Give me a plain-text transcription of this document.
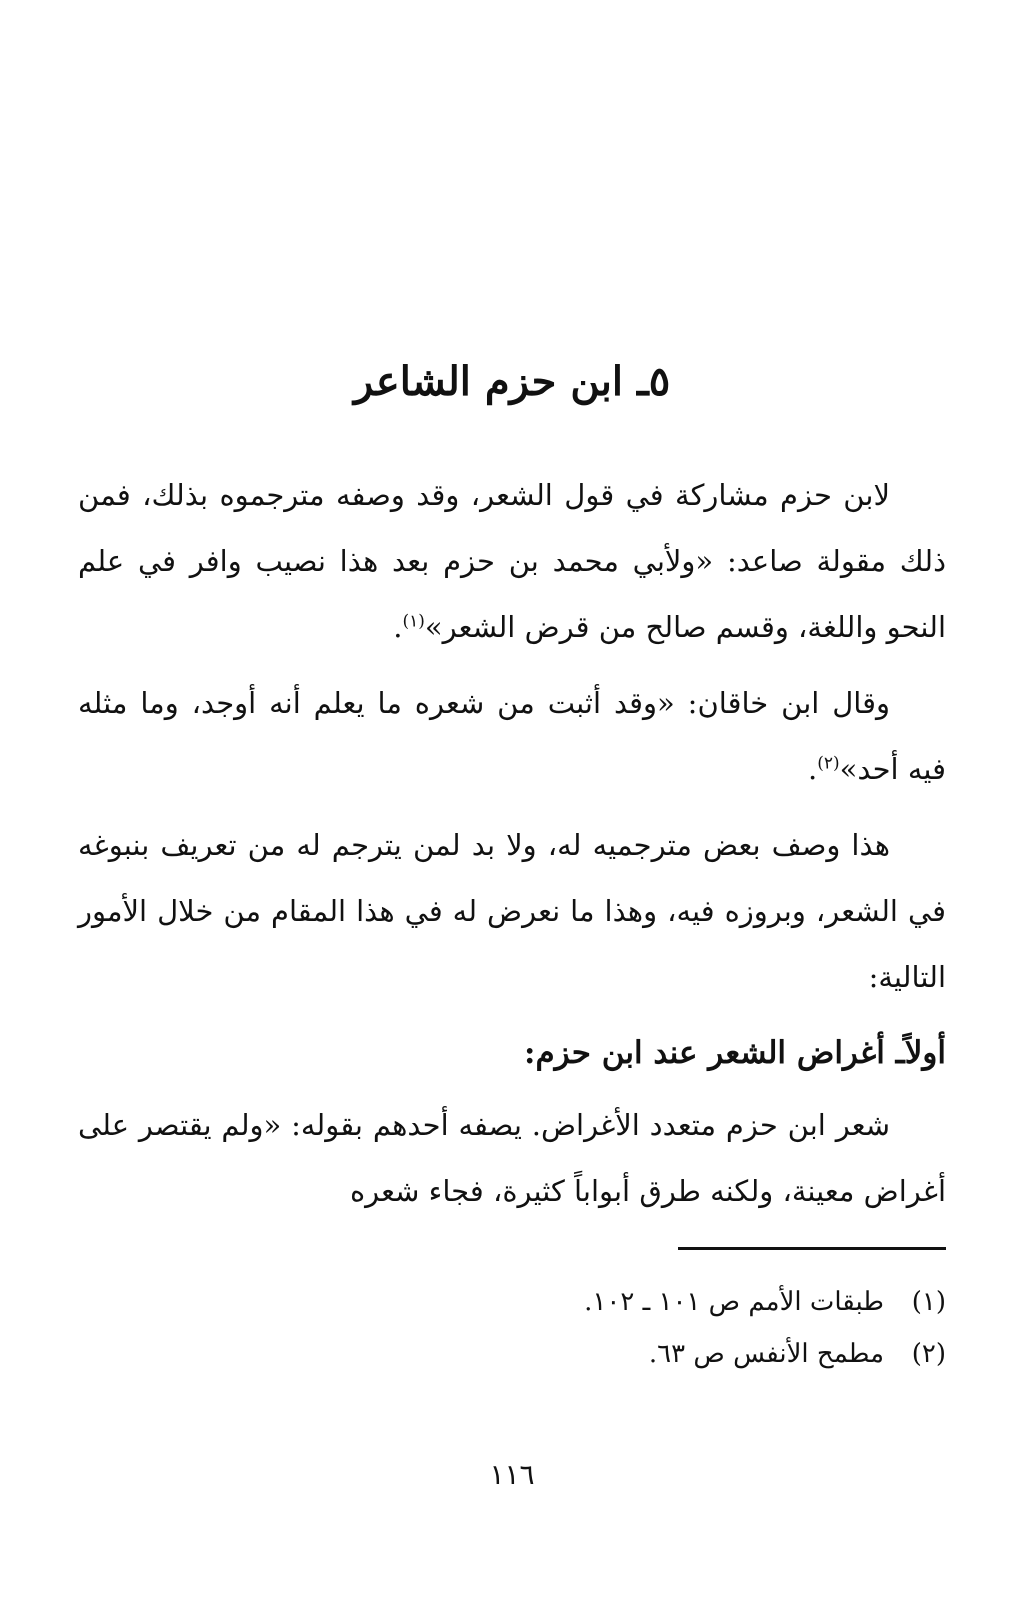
٥ـ ابن حزم الشاعر

لابن حزم مشاركة في قول الشعر، وقد وصفه مترجموه بذلك، فمن ذلك مقولة صاعد: «ولأبي محمد بن حزم بعد هذا نصيب وافر في علم النحو واللغة، وقسم صالح من قرض الشعر»$^{(١)}$.

وقال ابن خاقان: «وقد أثبت من شعره ما يعلم أنه أوجد، وما مثله فيه أحد»$^{(٢)}$.

هذا وصف بعض مترجميه له، ولا بد لمن يترجم له من تعريف بنبوغه في الشعر، وبروزه فيه، وهذا ما نعرض له في هذا المقام من خلال الأمور التالية:

أولاًـ أغراض الشعر عند ابن حزم:

شعر ابن حزم متعدد الأغراض. يصفه أحدهم بقوله: «ولم يقتصر على أغراض معينة، ولكنه طرق أبواباً كثيرة، فجاء شعره

(١)
طبقات الأمم ص ١٠١ ـ ١٠٢.
(٢)
مطمح الأنفس ص ٦٣.
١١٦
